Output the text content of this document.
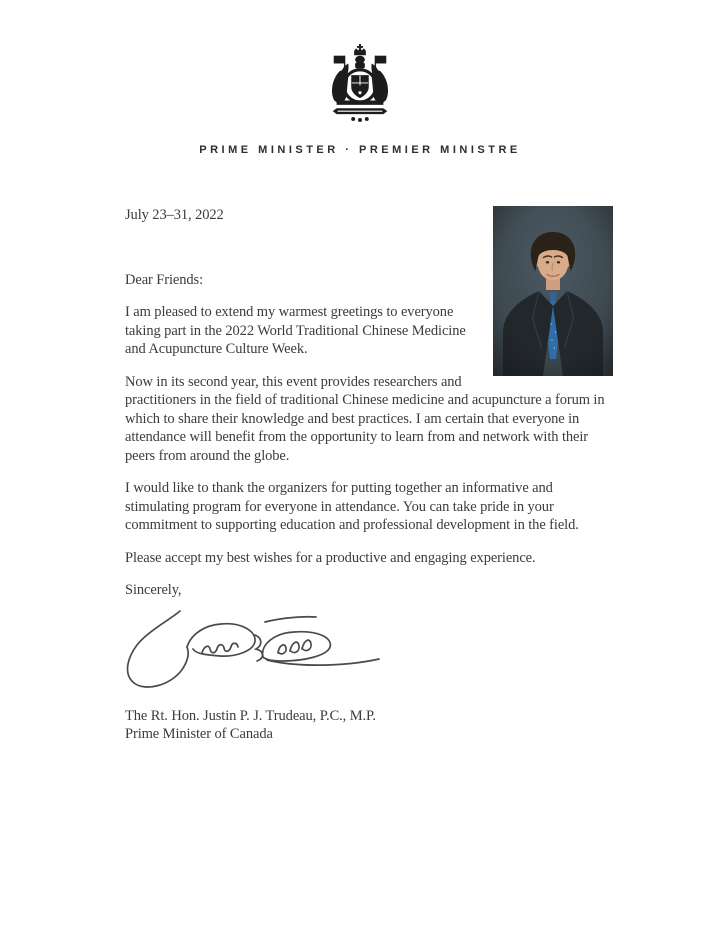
PRIME MINISTER · PREMIER MINISTRE

July 23–31, 2022

Dear Friends:

I am pleased to extend my warmest greetings to everyone taking part in the 2022 World Traditional Chinese Medicine and Acupuncture Culture Week.

Now in its second year, this event provides researchers and practitioners in the field of traditional Chinese medicine and acupuncture a forum in which to share their knowledge and best practices. I am certain that everyone in attendance will benefit from the opportunity to learn from and network with their peers from around the globe.

I would like to thank the organizers for putting together an informative and stimulating program for everyone in attendance. You can take pride in your commitment to supporting education and professional development in the field.

Please accept my best wishes for a productive and engaging experience.

Sincerely,

The Rt. Hon. Justin P. J. Trudeau, P.C., M.P.

Prime Minister of Canada
